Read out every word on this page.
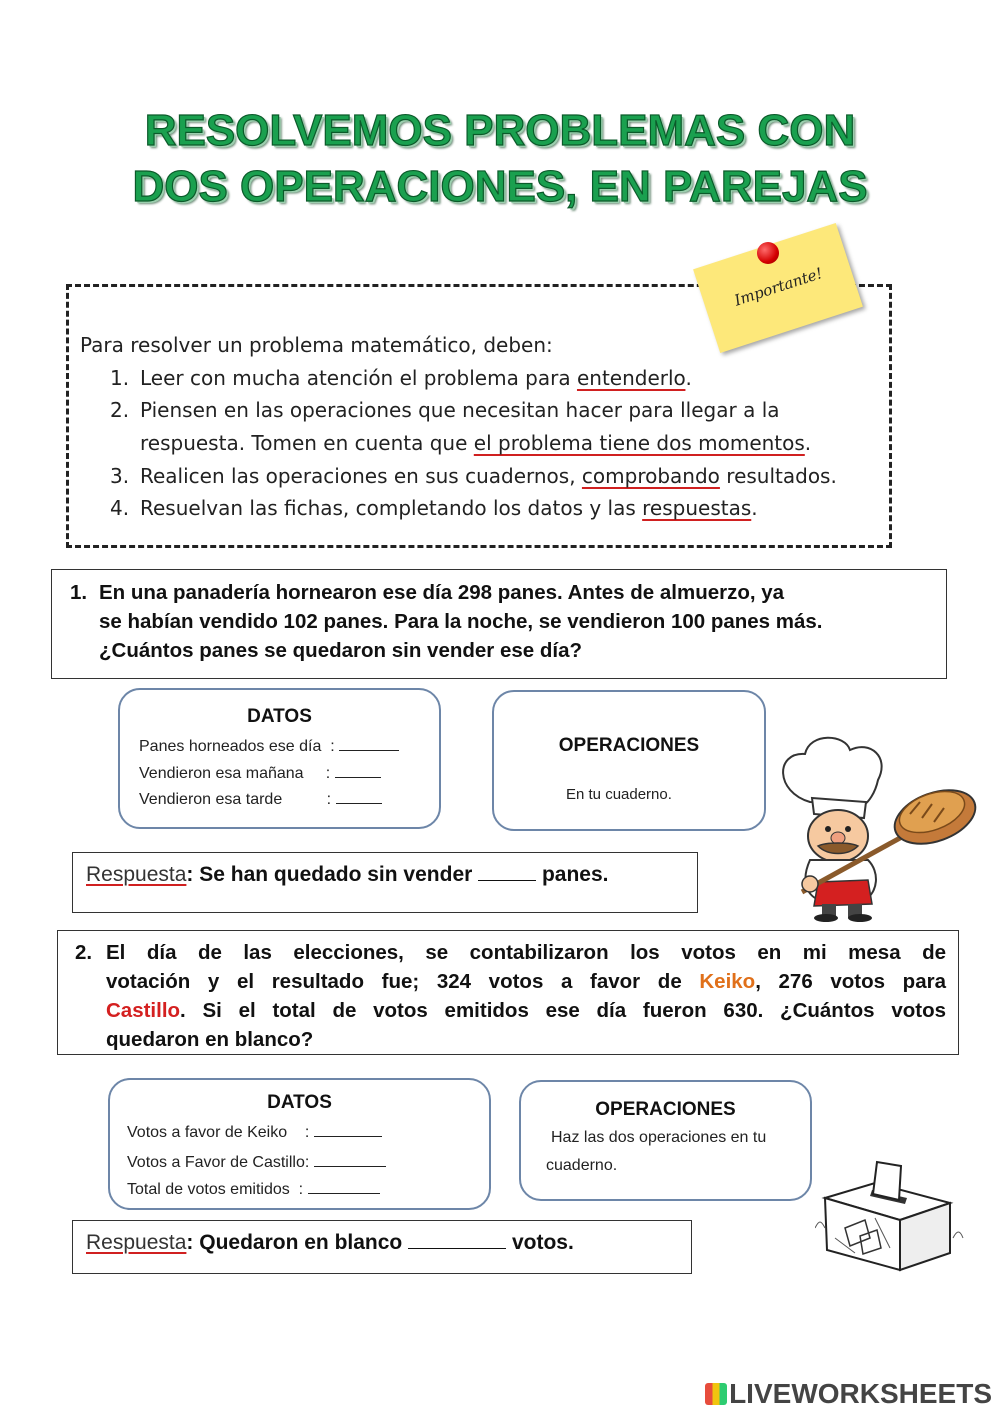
RESOLVEMOS PROBLEMAS CON
DOS OPERACIONES, EN PAREJAS
Importante!
Para resolver un problema matemático, deben:
1. Leer con mucha atención el problema para entenderlo.
2. Piensen en las operaciones que necesitan hacer para llegar a la
respuesta. Tomen en cuenta que el problema tiene dos momentos.
3. Realicen las operaciones en sus cuadernos, comprobando resultados.
4. Resuelvan las fichas, completando los datos y las respuestas.
1. En una panadería hornearon ese día 298 panes. Antes de almuerzo, ya
se habían vendido 102 panes. Para la noche, se vendieron 100 panes más.
¿Cuántos panes se quedaron sin vender ese día?
DATOS
Panes horneados ese día  :
Vendieron esa mañana     :
Vendieron esa tarde          :
OPERACIONES
En tu cuaderno.
Respuesta: Se han quedado sin vender	panes.
2. El día de las elecciones, se contabilizaron los votos en mi mesa de
votación y el resultado fue; 324 votos a favor de Keiko, 276 votos para
Castillo. Si el total de votos emitidos ese día fueron 630. ¿Cuántos votos
quedaron en blanco?
DATOS
Votos a favor de Keiko    :
Votos a Favor de Castillo:
Total de votos emitidos  :
OPERACIONES
Haz las dos operaciones en tu
cuaderno.
Respuesta: Quedaron en blanco	votos.
LIVEWORKSHEETS
